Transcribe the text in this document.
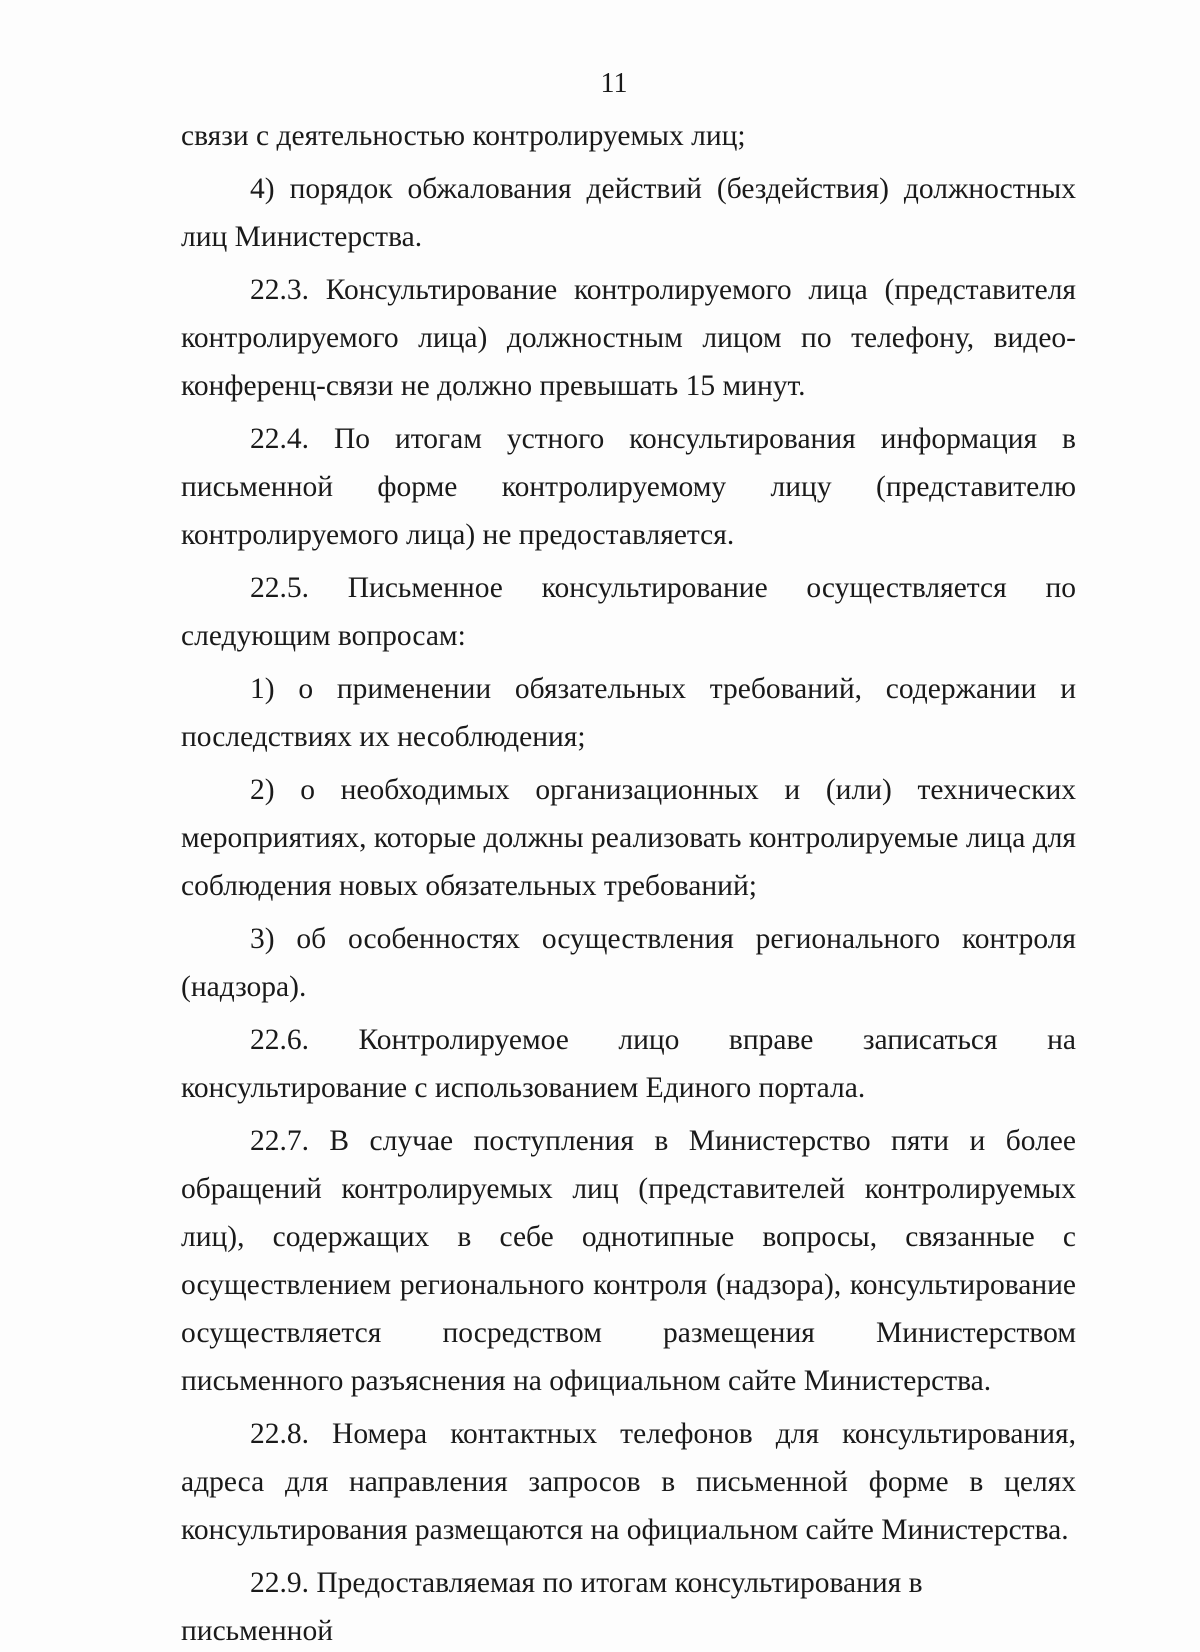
11

связи с деятельностью контролируемых лиц;

4) порядок обжалования действий (бездействия) должностных лиц Министерства.

22.3. Консультирование контролируемого лица (представителя контролируемого лица) должностным лицом по телефону, видео-конференц-связи не должно превышать 15 минут.

22.4. По итогам устного консультирования информация в письменной форме контролируемому лицу (представителю контролируемого лица) не предоставляется.

22.5. Письменное консультирование осуществляется по следующим вопросам:

1) о применении обязательных требований, содержании и последствиях их несоблюдения;

2) о необходимых организационных и (или) технических мероприятиях, которые должны реализовать контролируемые лица для соблюдения новых обязательных требований;

3) об особенностях осуществления регионального контроля (надзора).

22.6. Контролируемое лицо вправе записаться на консультирование с использованием Единого портала.

22.7. В случае поступления в Министерство пяти и более обращений контролируемых лиц (представителей контролируемых лиц), содержащих в себе однотипные вопросы, связанные с осуществлением регионального контроля (надзора), консультирование осуществляется посредством размещения Министерством письменного разъяснения на официальном сайте Министерства.

22.8. Номера контактных телефонов для консультирования, адреса для направления запросов в письменной форме в целях консультирования размещаются на официальном сайте Министерства.

22.9. Предоставляемая по итогам консультирования в письменной
